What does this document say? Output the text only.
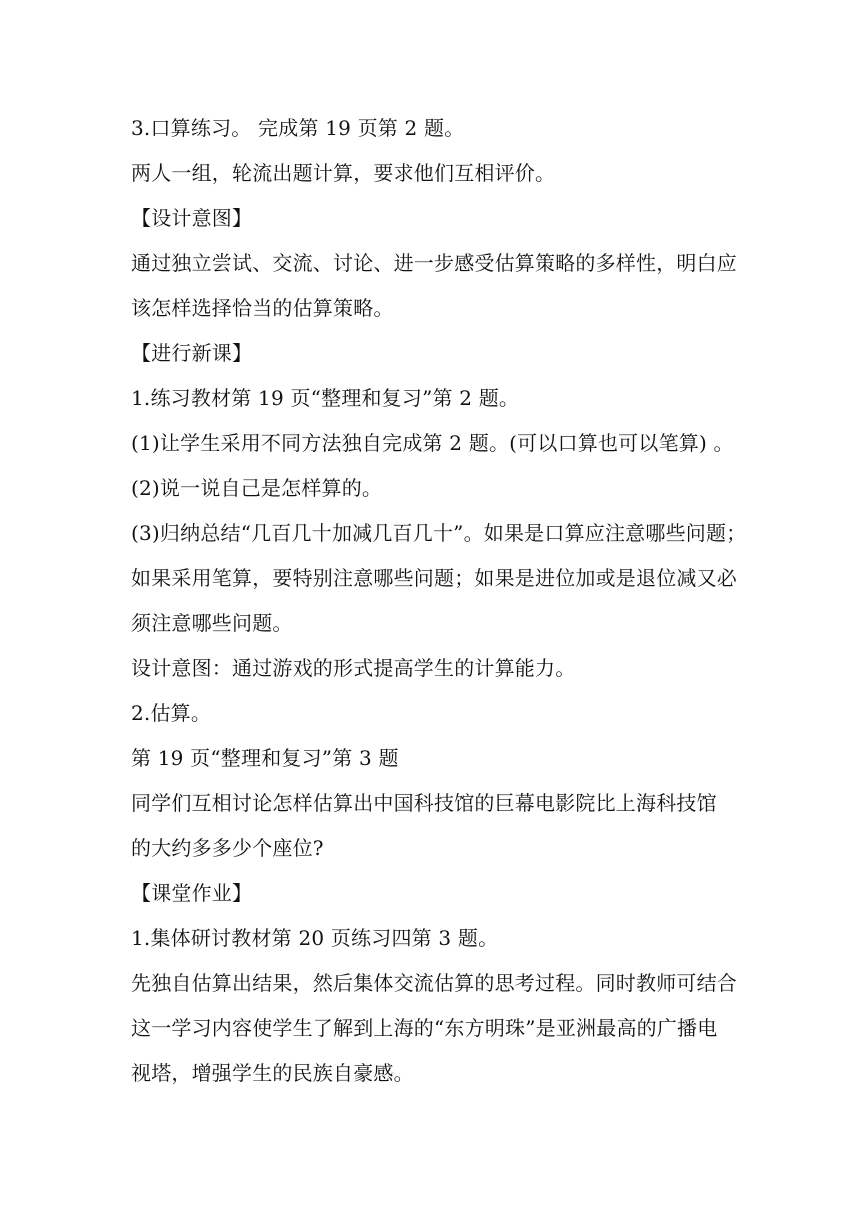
3.口算练习。 完成第 19 页第 2 题。
两人一组，轮流出题计算，要求他们互相评价。
【设计意图】
通过独立尝试、交流、讨论、进一步感受估算策略的多样性，明白应
该怎样选择恰当的估算策略。
【进行新课】
1.练习教材第 19 页“整理和复习”第 2 题。
(1)让学生采用不同方法独自完成第 2 题。(可以口算也可以笔算) 。
(2)说一说自己是怎样算的。
(3)归纳总结“几百几十加减几百几十”。如果是口算应注意哪些问题；
如果采用笔算，要特别注意哪些问题；如果是进位加或是退位减又必
须注意哪些问题。
设计意图：通过游戏的形式提高学生的计算能力。
2.估算。
第 19 页“整理和复习”第 3 题
同学们互相讨论怎样估算出中国科技馆的巨幕电影院比上海科技馆
的大约多多少个座位?
【课堂作业】
1.集体研讨教材第 20 页练习四第 3 题。
先独自估算出结果，然后集体交流估算的思考过程。同时教师可结合
这一学习内容使学生了解到上海的“东方明珠”是亚洲最高的广播电
视塔，增强学生的民族自豪感。
